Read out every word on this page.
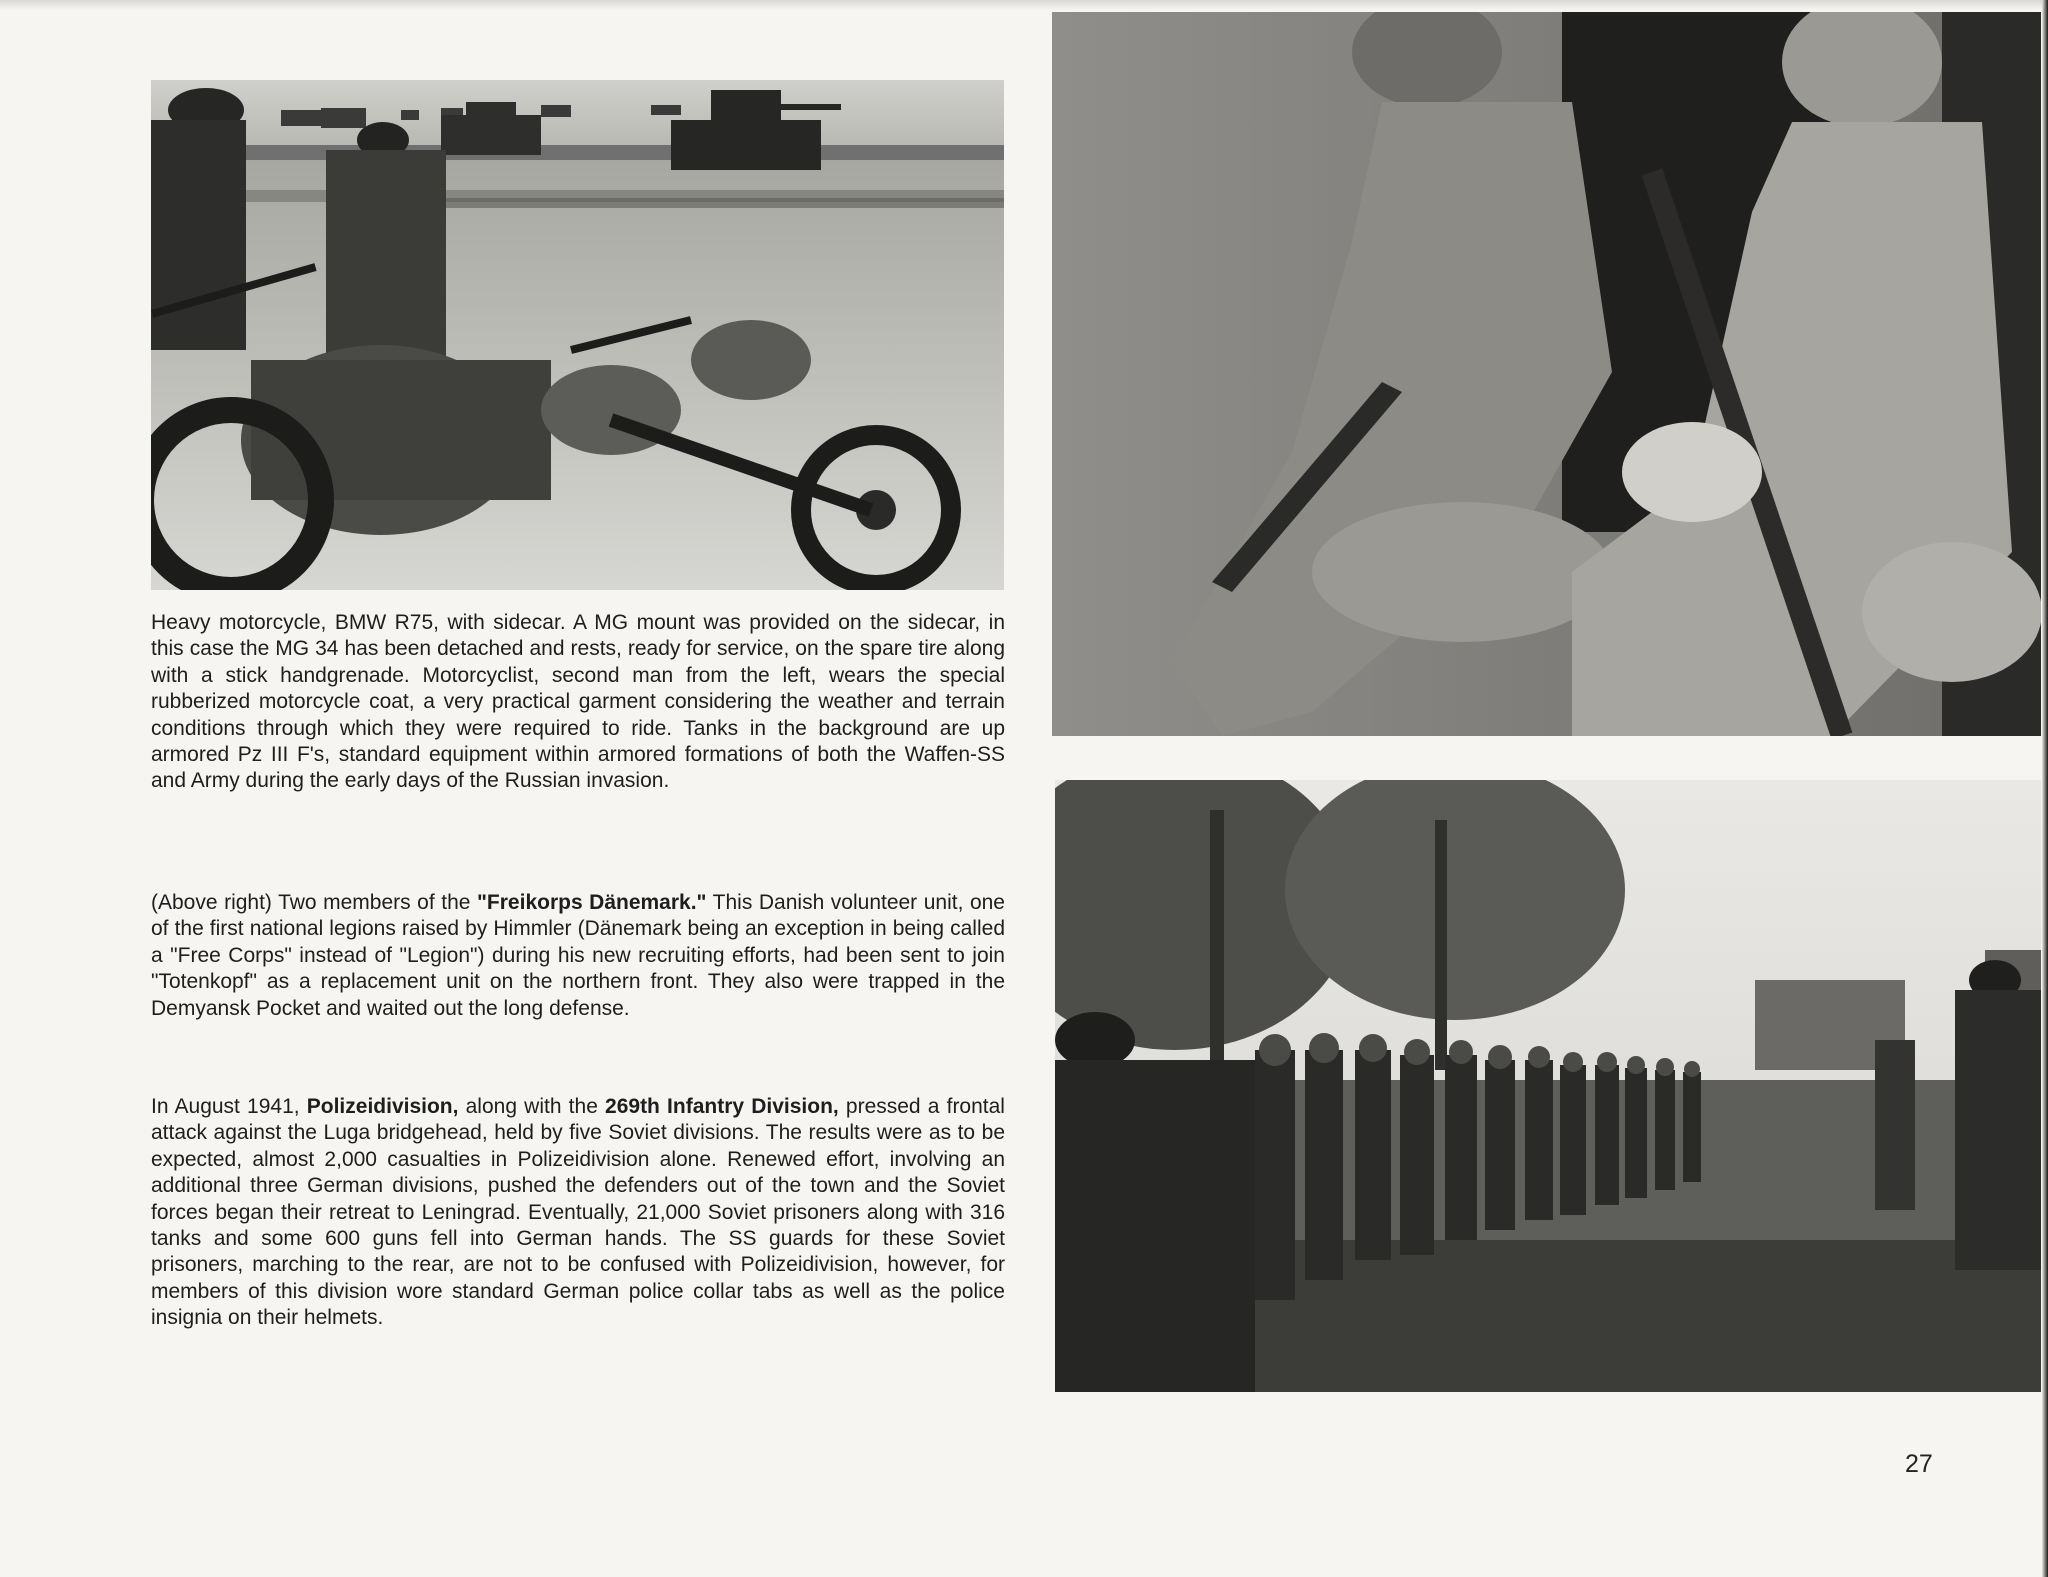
Heavy motorcycle, BMW R75, with sidecar. A MG mount was provided on the sidecar, in this case the MG 34 has been detached and rests, ready for service, on the spare tire along with a stick handgrenade. Motorcyclist, second man from the left, wears the special rubberized motorcycle coat, a very practical garment considering the weather and terrain conditions through which they were required to ride. Tanks in the background are up armored Pz III F's, standard equipment within armored formations of both the Waffen-SS and Army during the early days of the Russian invasion.

(Above right) Two members of the "Freikorps Dänemark." This Danish volunteer unit, one of the first national legions raised by Himmler (Dänemark being an exception in being called a "Free Corps" instead of "Legion") during his new recruiting efforts, had been sent to join "Totenkopf" as a replacement unit on the northern front. They also were trapped in the Demyansk Pocket and waited out the long defense.

In August 1941, Polizeidivision, along with the 269th Infantry Division, pressed a frontal attack against the Luga bridgehead, held by five Soviet divisions. The results were as to be expected, almost 2,000 casualties in Polizeidivision alone. Renewed effort, involving an additional three German divisions, pushed the defenders out of the town and the Soviet forces began their retreat to Leningrad. Eventually, 21,000 Soviet prisoners along with 316 tanks and some 600 guns fell into German hands. The SS guards for these Soviet prisoners, marching to the rear, are not to be confused with Polizeidivision, however, for members of this division wore standard German police collar tabs as well as the police insignia on their helmets.

27
